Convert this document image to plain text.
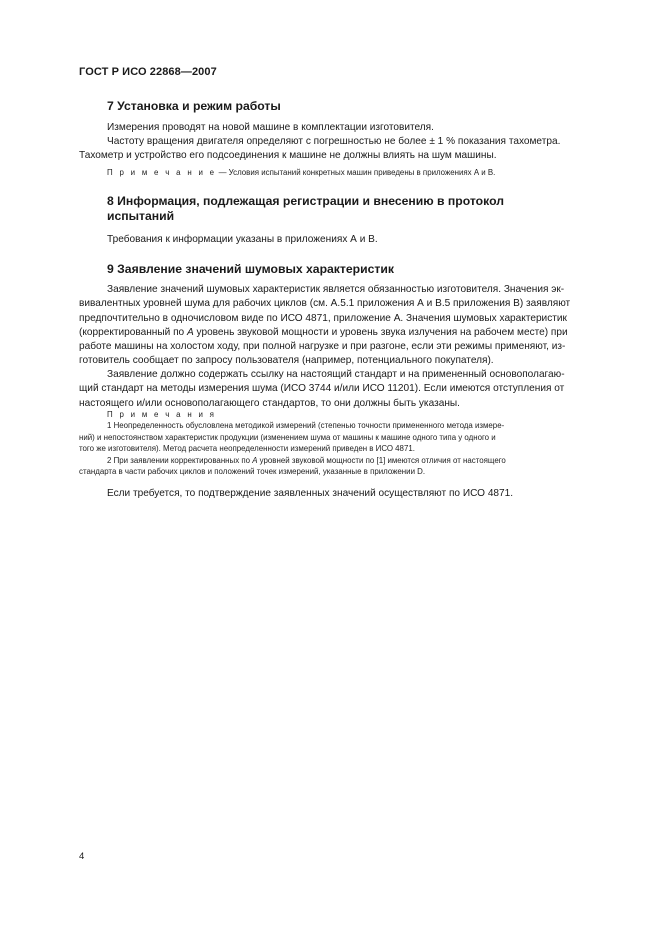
ГОСТ Р ИСО 22868—2007
7 Установка и режим работы
Измерения проводят на новой машине в комплектации изготовителя.
Частоту вращения двигателя определяют с погрешностью не более ± 1 % показания тахометра.
Тахометр и устройство его подсоединения к машине не должны влиять на шум машины.
П р и м е ч а н и е — Условия испытаний конкретных машин приведены в приложениях А и В.
8 Информация, подлежащая регистрации и внесению в протокол
испытаний
Требования к информации указаны в приложениях А и В.
9 Заявление значений шумовых характеристик
Заявление значений шумовых характеристик является обязанностью изготовителя. Значения эк-
вивалентных уровней шума для рабочих циклов (см. А.5.1 приложения А и В.5 приложения В) заявляют
предпочтительно в одночисловом виде по ИСО 4871, приложение А. Значения шумовых характеристик
(корректированный по А уровень звуковой мощности и уровень звука излучения на рабочем месте) при
работе машины на холостом ходу, при полной нагрузке и при разгоне, если эти режимы применяют, из-
готовитель сообщает по запросу пользователя (например, потенциального покупателя).
Заявление должно содержать ссылку на настоящий стандарт и на примененный основополагаю-
щий стандарт на методы измерения шума (ИСО 3744 и/или ИСО 11201). Если имеются отступления от
настоящего и/или основополагающего стандартов, то они должны быть указаны.
П р и м е ч а н и я
1 Неопределенность обусловлена методикой измерений (степенью точности примененного метода измере-
ний) и непостоянством характеристик продукции (изменением шума от машины к машине одного типа у одного и
того же изготовителя). Метод расчета неопределенности измерений приведен в ИСО 4871.
2 При заявлении корректированных по А уровней звуковой мощности по [1] имеются отличия от настоящего
стандарта в части рабочих циклов и положений точек измерений, указанные в приложении D.
Если требуется, то подтверждение заявленных значений осуществляют по ИСО 4871.
4
